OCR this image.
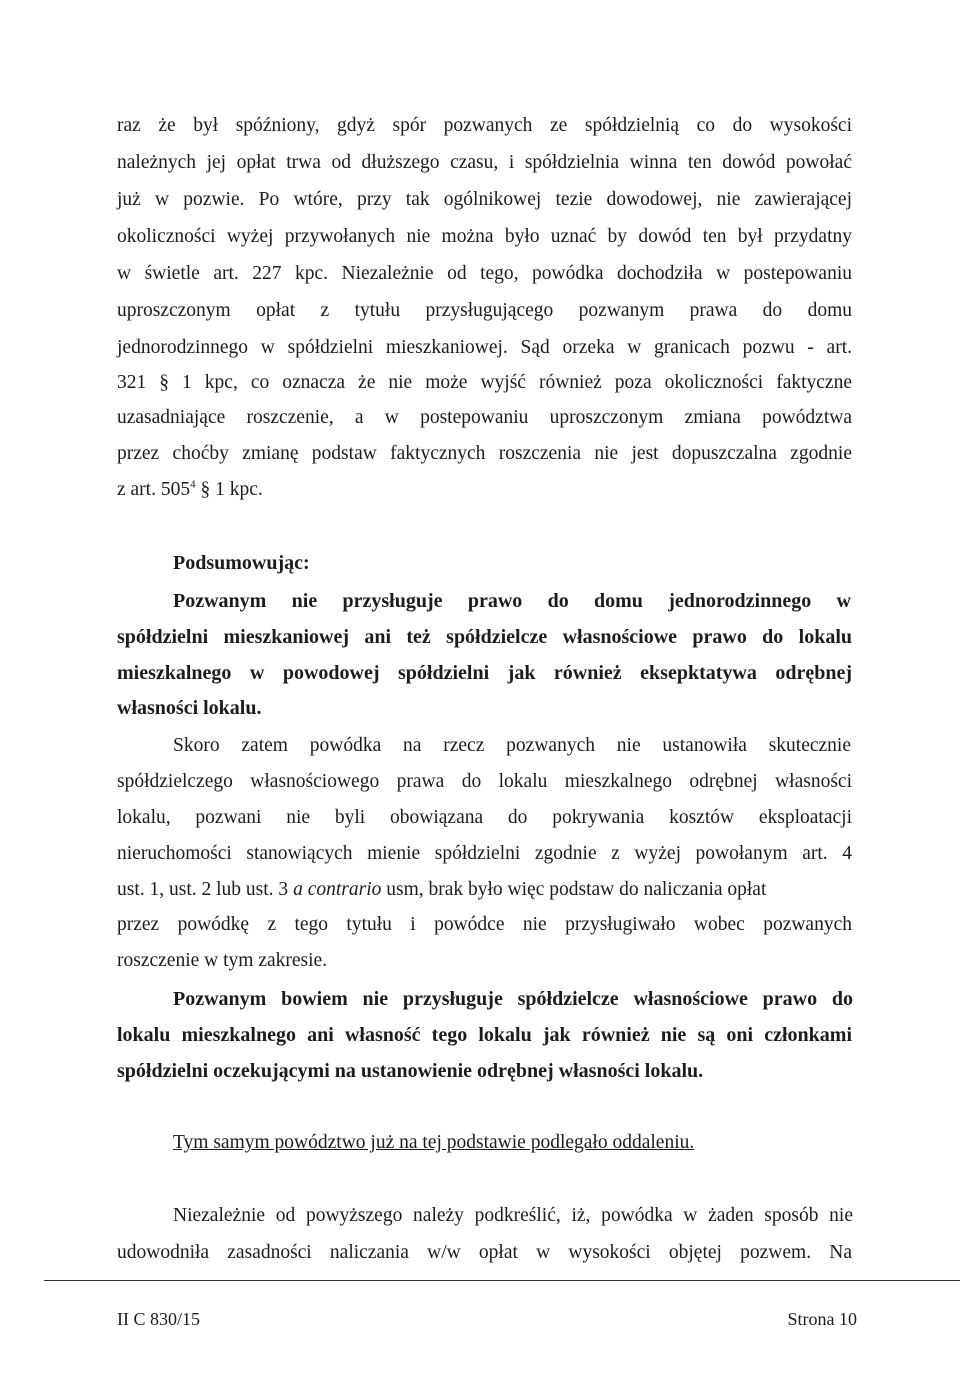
raz że był spóźniony, gdyż spór pozwanych ze spółdzielnią co do wysokości
należnych jej opłat trwa od dłuższego czasu, i spółdzielnia winna ten dowód powołać
już w pozwie. Po wtóre, przy tak ogólnikowej tezie dowodowej, nie zawierającej
okoliczności wyżej przywołanych nie można było uznać by dowód ten był przydatny
w świetle art. 227 kpc. Niezależnie od tego, powódka dochodziła w postepowaniu
uproszczonym opłat z tytułu przysługującego pozwanym prawa do domu
jednorodzinnego w spółdzielni mieszkaniowej. Sąd orzeka w granicach pozwu - art.
321 § 1 kpc, co oznacza że nie może wyjść również poza okoliczności faktyczne
uzasadniające roszczenie, a w postepowaniu uproszczonym zmiana powództwa
przez choćby zmianę podstaw faktycznych roszczenia nie jest dopuszczalna zgodnie
z art. $505^4$ § 1 kpc.
Podsumowując:
Pozwanym nie przysługuje prawo do domu jednorodzinnego w
spółdzielni mieszkaniowej ani też spółdzielcze własnościowe prawo do lokalu
mieszkalnego w powodowej spółdzielni jak również eksepktatywa odrębnej
własności lokalu.
Skoro zatem powódka na rzecz pozwanych nie ustanowiła skutecznie
spółdzielczego własnościowego prawa do lokalu mieszkalnego odrębnej własności
lokalu, pozwani nie byli obowiązana do pokrywania kosztów eksploatacji
nieruchomości stanowiących mienie spółdzielni zgodnie z wyżej powołanym art. 4
ust. 1, ust. 2 lub ust. 3 a contrario usm, brak było więc podstaw do naliczania opłat
przez powódkę z tego tytułu i powódce nie przysługiwało wobec pozwanych
roszczenie w tym zakresie.
Pozwanym bowiem nie przysługuje spółdzielcze własnościowe prawo do
lokalu mieszkalnego ani własność tego lokalu jak również nie są oni członkami
spółdzielni oczekującymi na ustanowienie odrębnej własności lokalu.
Tym samym powództwo już na tej podstawie podlegało oddaleniu.
Niezależnie od powyższego należy podkreślić, iż, powódka w żaden sposób nie
udowodniła zasadności naliczania w/w opłat w wysokości objętej pozwem. Na
II C 830/15	Strona 10
